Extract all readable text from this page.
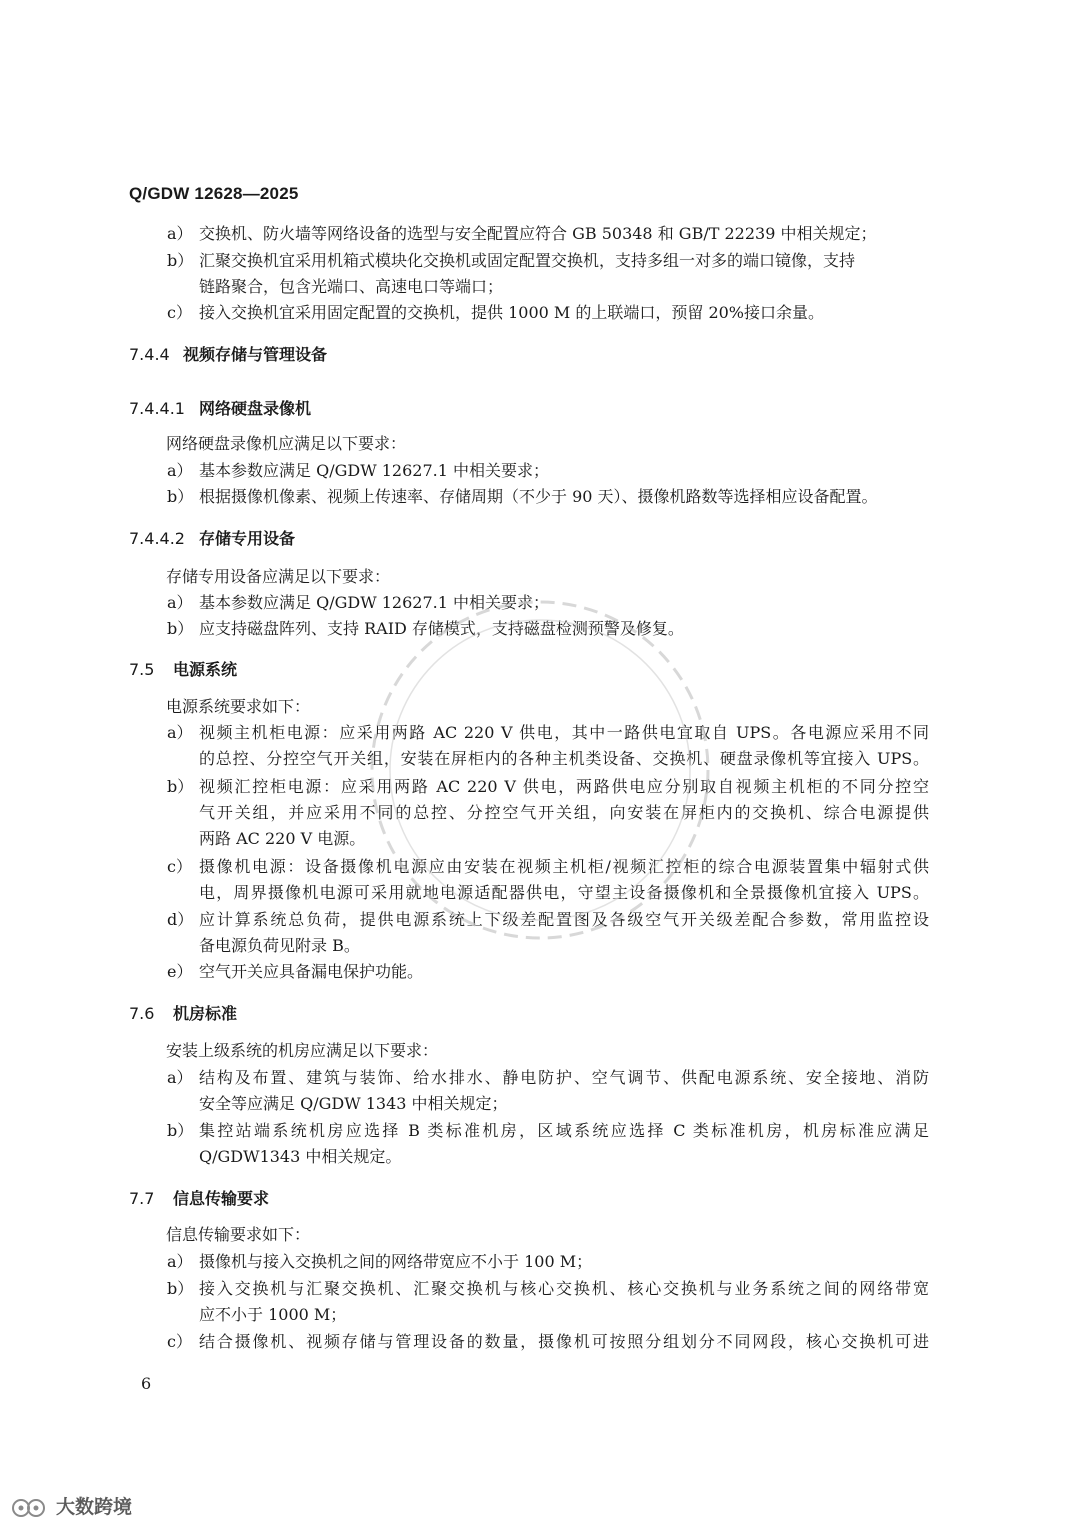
Q/GDW 12628—2025
a） 交换机、防火墙等网络设备的选型与安全配置应符合 GB 50348 和 GB/T 22239 中相关规定；
b） 汇聚交换机宜采用机箱式模块化交换机或固定配置交换机，支持多组一对多的端口镜像，支持
链路聚合，包含光端口、高速电口等端口；
c） 接入交换机宜采用固定配置的交换机，提供 1000 M 的上联端口，预留 20%接口余量。
7.4.4 视频存储与管理设备
7.4.4.1 网络硬盘录像机
网络硬盘录像机应满足以下要求：
a） 基本参数应满足 Q/GDW 12627.1 中相关要求；
b） 根据摄像机像素、视频上传速率、存储周期（不少于 90 天）、摄像机路数等选择相应设备配置。
7.4.4.2 存储专用设备
存储专用设备应满足以下要求：
a） 基本参数应满足 Q/GDW 12627.1 中相关要求；
b） 应支持磁盘阵列、支持 RAID 存储模式，支持磁盘检测预警及修复。
7.5 电源系统
电源系统要求如下：
a） 视频主机柜电源：应采用两路 AC 220 V 供电，其中一路供电宜取自 UPS。各电源应采用不同
的总控、分控空气开关组，安装在屏柜内的各种主机类设备、交换机、硬盘录像机等宜接入 UPS。
b） 视频汇控柜电源：应采用两路 AC 220 V 供电，两路供电应分别取自视频主机柜的不同分控空
气开关组，并应采用不同的总控、分控空气开关组，向安装在屏柜内的交换机、综合电源提供
两路 AC 220 V 电源。
c） 摄像机电源：设备摄像机电源应由安装在视频主机柜/视频汇控柜的综合电源装置集中辐射式供
电，周界摄像机电源可采用就地电源适配器供电，守望主设备摄像机和全景摄像机宜接入 UPS。
d） 应计算系统总负荷，提供电源系统上下级差配置图及各级空气开关级差配合参数，常用监控设
备电源负荷见附录 B。
e） 空气开关应具备漏电保护功能。
7.6 机房标准
安装上级系统的机房应满足以下要求：
a） 结构及布置、建筑与装饰、给水排水、静电防护、空气调节、供配电源系统、安全接地、消防
安全等应满足 Q/GDW 1343 中相关规定；
b） 集控站端系统机房应选择 B 类标准机房，区域系统应选择 C 类标准机房，机房标准应满足
Q/GDW1343 中相关规定。
7.7 信息传输要求
信息传输要求如下：
a） 摄像机与接入交换机之间的网络带宽应不小于 100 M；
b） 接入交换机与汇聚交换机、汇聚交换机与核心交换机、核心交换机与业务系统之间的网络带宽
应不小于 1000 M；
c） 结合摄像机、视频存储与管理设备的数量，摄像机可按照分组划分不同网段，核心交换机可进
6
大数跨境
